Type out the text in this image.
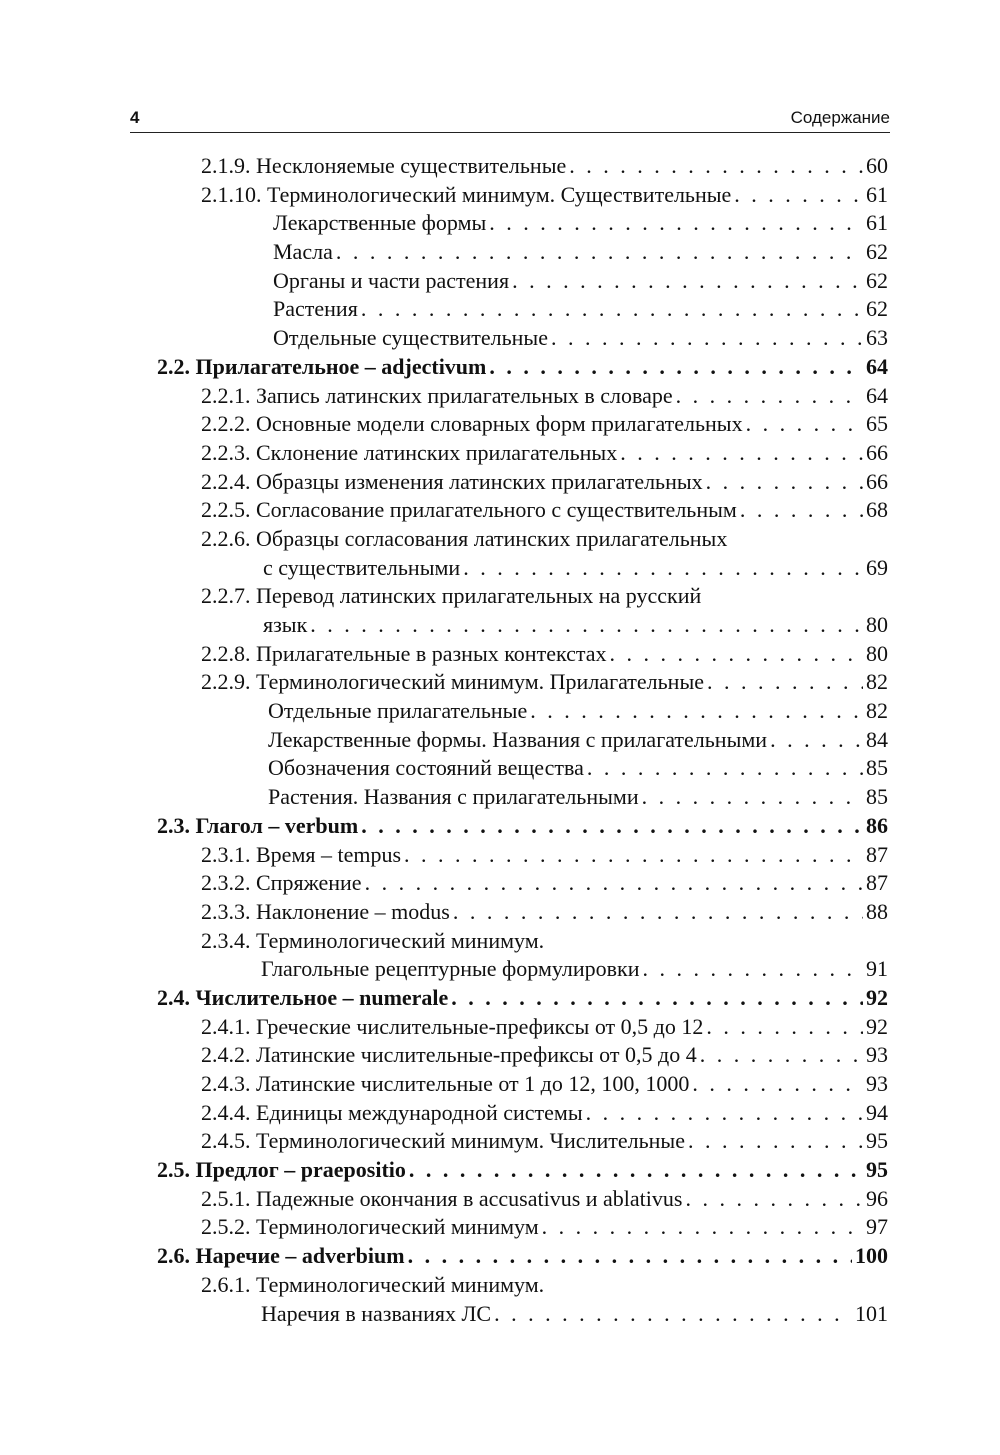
4	Содержание
2.1.9. Несклоняемые существительные . . .	60
2.1.10. Терминологический минимум. Существительные . . .	61
Лекарственные формы . . .	61
Масла . . .	62
Органы и части растения . . .	62
Растения . . .	62
Отдельные существительные . . .	63
2.2. Прилагательное – adjectivum . . .	64
2.2.1. Запись латинских прилагательных в словаре . . .	64
2.2.2. Основные модели словарных форм прилагательных . . .	65
2.2.3. Склонение латинских прилагательных . . .	66
2.2.4. Образцы изменения латинских прилагательных . . .	66
2.2.5. Согласование прилагательного с существительным . . .	68
2.2.6. Образцы согласования латинских прилагательных
с существительными . . .	69
2.2.7. Перевод латинских прилагательных на русский
язык . . .	80
2.2.8. Прилагательные в разных контекстах . . .	80
2.2.9. Терминологический минимум. Прилагательные . . .	82
Отдельные прилагательные . . .	82
Лекарственные формы. Названия с прилагательными . . .	84
Обозначения состояний вещества . . .	85
Растения. Названия с прилагательными . . .	85
2.3. Глагол – verbum . . .	86
2.3.1. Время – tempus . . .	87
2.3.2. Спряжение . . .	87
2.3.3. Наклонение – modus . . .	88
2.3.4. Терминологический минимум.
Глагольные рецептурные формулировки . . .	91
2.4. Числительное – numerale . . .	92
2.4.1. Греческие числительные-префиксы от 0,5 до 12 . . .	92
2.4.2. Латинские числительные-префиксы от 0,5 до 4 . . .	93
2.4.3. Латинские числительные от 1 до 12, 100, 1000 . . .	93
2.4.4. Единицы международной системы . . .	94
2.4.5. Терминологический минимум. Числительные . . .	95
2.5. Предлог – praepositio . . .	95
2.5.1. Падежные окончания в accusativus и ablativus . . .	96
2.5.2. Терминологический минимум . . .	97
2.6. Наречие – adverbium . . .	100
2.6.1. Терминологический минимум.
Наречия в названиях ЛС . . .	101
